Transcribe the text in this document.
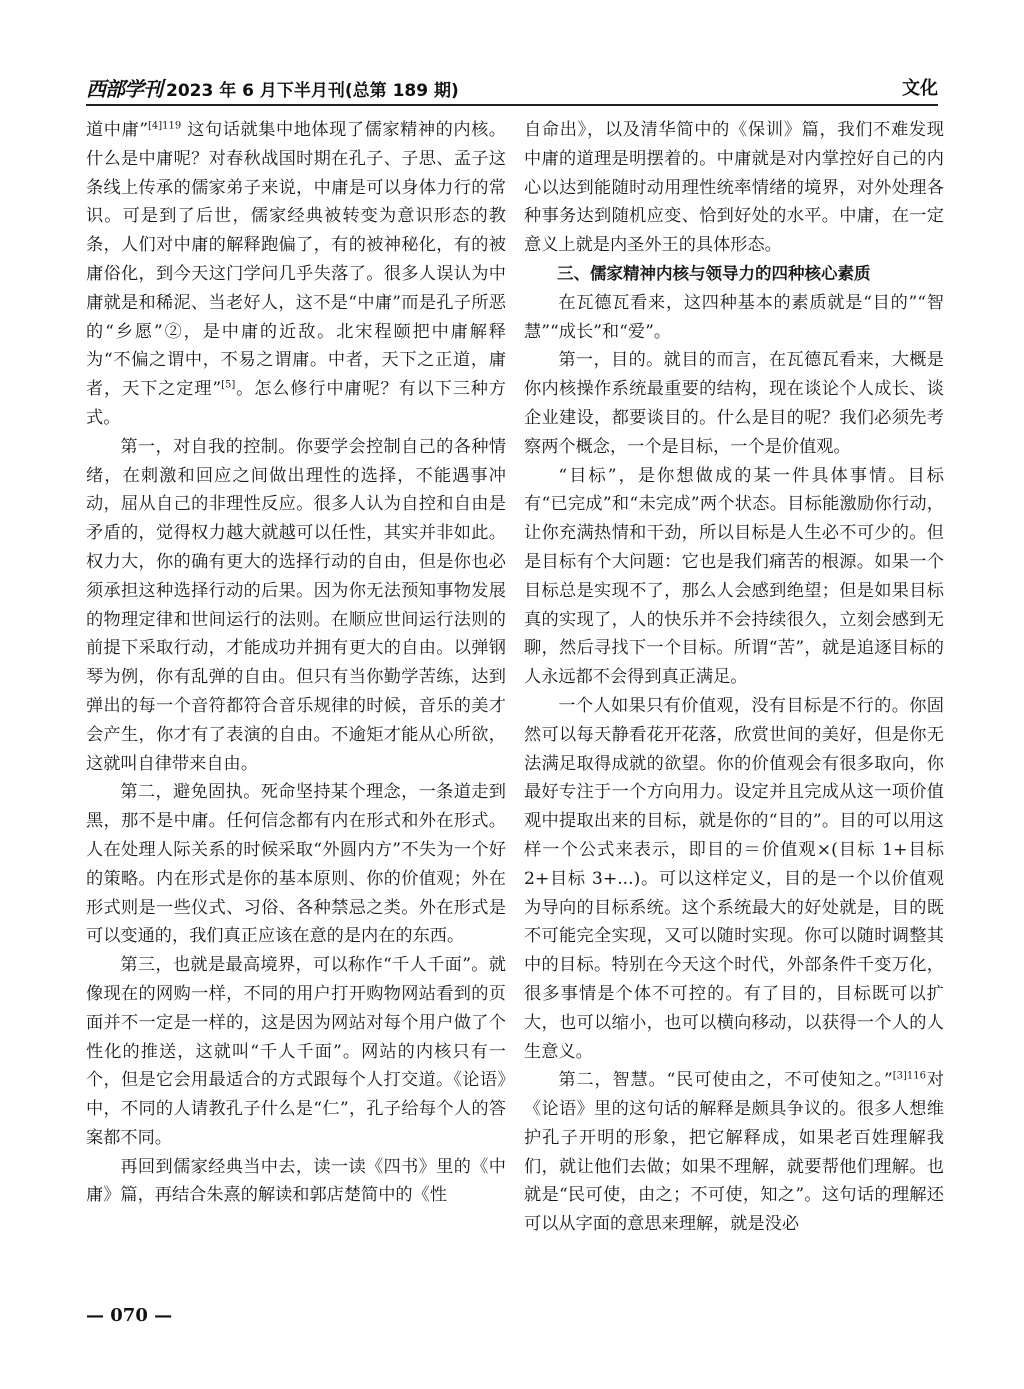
西部学刊 2023 年 6 月下半月刊(总第 189 期)	文化

道中庸”$^{[4]119}$ 这句话就集中地体现了儒家精神的内核。什么是中庸呢？对春秋战国时期在孔子、子思、孟子这条线上传承的儒家弟子来说，中庸是可以身体力行的常识。可是到了后世，儒家经典被转变为意识形态的教条，人们对中庸的解释跑偏了，有的被神秘化，有的被庸俗化，到今天这门学问几乎失落了。很多人误认为中庸就是和稀泥、当老好人，这不是“中庸”而是孔子所恶的“乡愿”②，是中庸的近敌。北宋程颐把中庸解释为“不偏之谓中，不易之谓庸。中者，天下之正道，庸者，天下之定理”[5]。怎么修行中庸呢？有以下三种方式。

第一，对自我的控制。你要学会控制自己的各种情绪，在刺激和回应之间做出理性的选择，不能遇事冲动，屈从自己的非理性反应。很多人认为自控和自由是矛盾的，觉得权力越大就越可以任性，其实并非如此。权力大，你的确有更大的选择行动的自由，但是你也必须承担这种选择行动的后果。因为你无法预知事物发展的物理定律和世间运行的法则。在顺应世间运行法则的前提下采取行动，才能成功并拥有更大的自由。以弹钢琴为例，你有乱弹的自由。但只有当你勤学苦练，达到弹出的每一个音符都符合音乐规律的时候，音乐的美才会产生，你才有了表演的自由。不逾矩才能从心所欲，这就叫自律带来自由。

第二，避免固执。死命坚持某个理念，一条道走到黑，那不是中庸。任何信念都有内在形式和外在形式。人在处理人际关系的时候采取“外圆内方”不失为一个好的策略。内在形式是你的基本原则、你的价值观；外在形式则是一些仪式、习俗、各种禁忌之类。外在形式是可以变通的，我们真正应该在意的是内在的东西。

第三，也就是最高境界，可以称作“千人千面”。就像现在的网购一样，不同的用户打开购物网站看到的页面并不一定是一样的，这是因为网站对每个用户做了个性化的推送，这就叫“千人千面”。网站的内核只有一个，但是它会用最适合的方式跟每个人打交道。《论语》中，不同的人请教孔子什么是“仁”，孔子给每个人的答案都不同。

再回到儒家经典当中去，读一读《四书》里的《中庸》篇，再结合朱熹的解读和郭店楚简中的《性

自命出》，以及清华简中的《保训》篇，我们不难发现中庸的道理是明摆着的。中庸就是对内掌控好自己的内心以达到能随时动用理性统率情绪的境界，对外处理各种事务达到随机应变、恰到好处的水平。中庸，在一定意义上就是内圣外王的具体形态。

三、儒家精神内核与领导力的四种核心素质

在瓦德瓦看来，这四种基本的素质就是“目的”“智慧”“成长”和“爱”。

第一，目的。就目的而言，在瓦德瓦看来，大概是你内核操作系统最重要的结构，现在谈论个人成长、谈企业建设，都要谈目的。什么是目的呢？我们必须先考察两个概念，一个是目标，一个是价值观。

“目标”，是你想做成的某一件具体事情。目标有“已完成”和“未完成”两个状态。目标能激励你行动，让你充满热情和干劲，所以目标是人生必不可少的。但是目标有个大问题：它也是我们痛苦的根源。如果一个目标总是实现不了，那么人会感到绝望；但是如果目标真的实现了，人的快乐并不会持续很久，立刻会感到无聊，然后寻找下一个目标。所谓“苦”，就是追逐目标的人永远都不会得到真正满足。

一个人如果只有价值观，没有目标是不行的。你固然可以每天静看花开花落，欣赏世间的美好，但是你无法满足取得成就的欲望。你的价值观会有很多取向，你最好专注于一个方向用力。设定并且完成从这一项价值观中提取出来的目标，就是你的“目的”。目的可以用这样一个公式来表示，即目的＝价值观×(目标 1+目标 2+目标 3+...)。可以这样定义，目的是一个以价值观为导向的目标系统。这个系统最大的好处就是，目的既不可能完全实现，又可以随时实现。你可以随时调整其中的目标。特别在今天这个时代，外部条件千变万化，很多事情是个体不可控的。有了目的，目标既可以扩大，也可以缩小，也可以横向移动，以获得一个人的人生意义。

第二，智慧。“民可使由之，不可使知之。”$^{[3]116}$对《论语》里的这句话的解释是颇具争议的。很多人想维护孔子开明的形象，把它解释成，如果老百姓理解我们，就让他们去做；如果不理解，就要帮他们理解。也就是“民可使，由之；不可使，知之”。这句话的理解还可以从字面的意思来理解，就是没必

— 070 —
